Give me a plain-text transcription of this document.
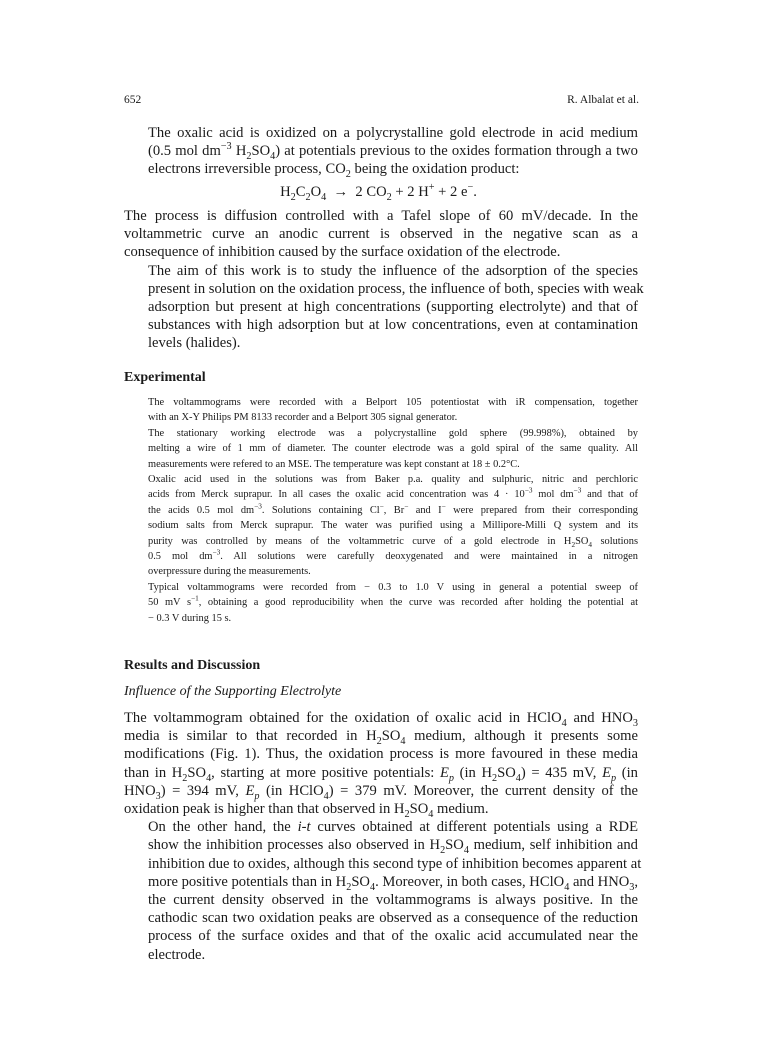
652	R. Albalat et al.

The oxalic acid is oxidized on a polycrystalline gold electrode in acid medium
(0.5 mol $dm^{-3}$ $H_2SO_4$) at potentials previous to the oxides formation through a two
electrons irreversible process, $CO_2$ being the oxidation product:

$H_2C_2O_4 \to 2$ $CO_2 + 2$ H+ + 2 e−.

The process is diffusion controlled with a Tafel slope of 60 mV/decade. In the
voltammetric curve an anodic current is observed in the negative scan as a
consequence of inhibition caused by the surface oxidation of the electrode.

The aim of this work is to study the influence of the adsorption of the species
present in solution on the oxidation process, the influence of both, species with weak
adsorption but present at high concentrations (supporting electrolyte) and that of
substances with high adsorption but at low concentrations, even at contamination
levels (halides).

Experimental

The voltammograms were recorded with a Belport 105 potentiostat with iR compensation, together
with an X-Y Philips PM 8133 recorder and a Belport 305 signal generator.

The stationary working electrode was a polycrystalline gold sphere (99.998%), obtained by
melting a wire of 1 mm of diameter. The counter electrode was a gold spiral of the same quality. All
measurements were refered to an MSE. The temperature was kept constant at 18 ± 0.2°C.

Oxalic acid used in the solutions was from Baker p.a. quality and sulphuric, nitric and perchloric
acids from Merck suprapur. In all cases the oxalic acid concentration was $4 \cdot 10^{-3}$ mol $dm^{-3}$ and that of
the acids 0.5 mol $dm^{-3}$. Solutions containing Cl−, Br− and I− were prepared from their corresponding
sodium salts from Merck suprapur. The water was purified using a Millipore-Milli Q system and its
purity was controlled by means of the voltammetric curve of a gold electrode in $H_2SO_4$ solutions
0.5 mol $dm^{-3}$. All solutions were carefully deoxygenated and were maintained in a nitrogen
overpressure during the measurements.

Typical voltammograms were recorded from − 0.3 to 1.0 V using in general a potential sweep of
50 mV $s^{-1}$, obtaining a good reproducibility when the curve was recorded after holding the potential at
− 0.3 V during 15 s.

Results and Discussion
Influence of the Supporting Electrolyte

The voltammogram obtained for the oxidation of oxalic acid in HClO$_4$ and $HNO_3$
media is similar to that recorded in $H_2SO_4$ medium, although it presents some
modifications (Fig. 1). Thus, the oxidation process is more favoured in these media
than in $H_2SO_4$, starting at more positive potentials: $E_p$ (in $H_2SO_4) = 435$ mV, $E_p$ (in
$HNO_3) = 394$ mV, $E_p$ (in HClO$_4$) = 379 mV. Moreover, the current density of the
oxidation peak is higher than that observed in $H_2SO_4$ medium.

On the other hand, the i-t curves obtained at different potentials using a RDE
show the inhibition processes also observed in $H_2SO_4$ medium, self inhibition and
inhibition due to oxides, although this second type of inhibition becomes apparent at
more positive potentials than in $H_2SO_4$. Moreover, in both cases, HClO$_4$ and $HNO_3$,
the current density observed in the voltammograms is always positive. In the
cathodic scan two oxidation peaks are observed as a consequence of the reduction
process of the surface oxides and that of the oxalic acid accumulated near the
electrode.
